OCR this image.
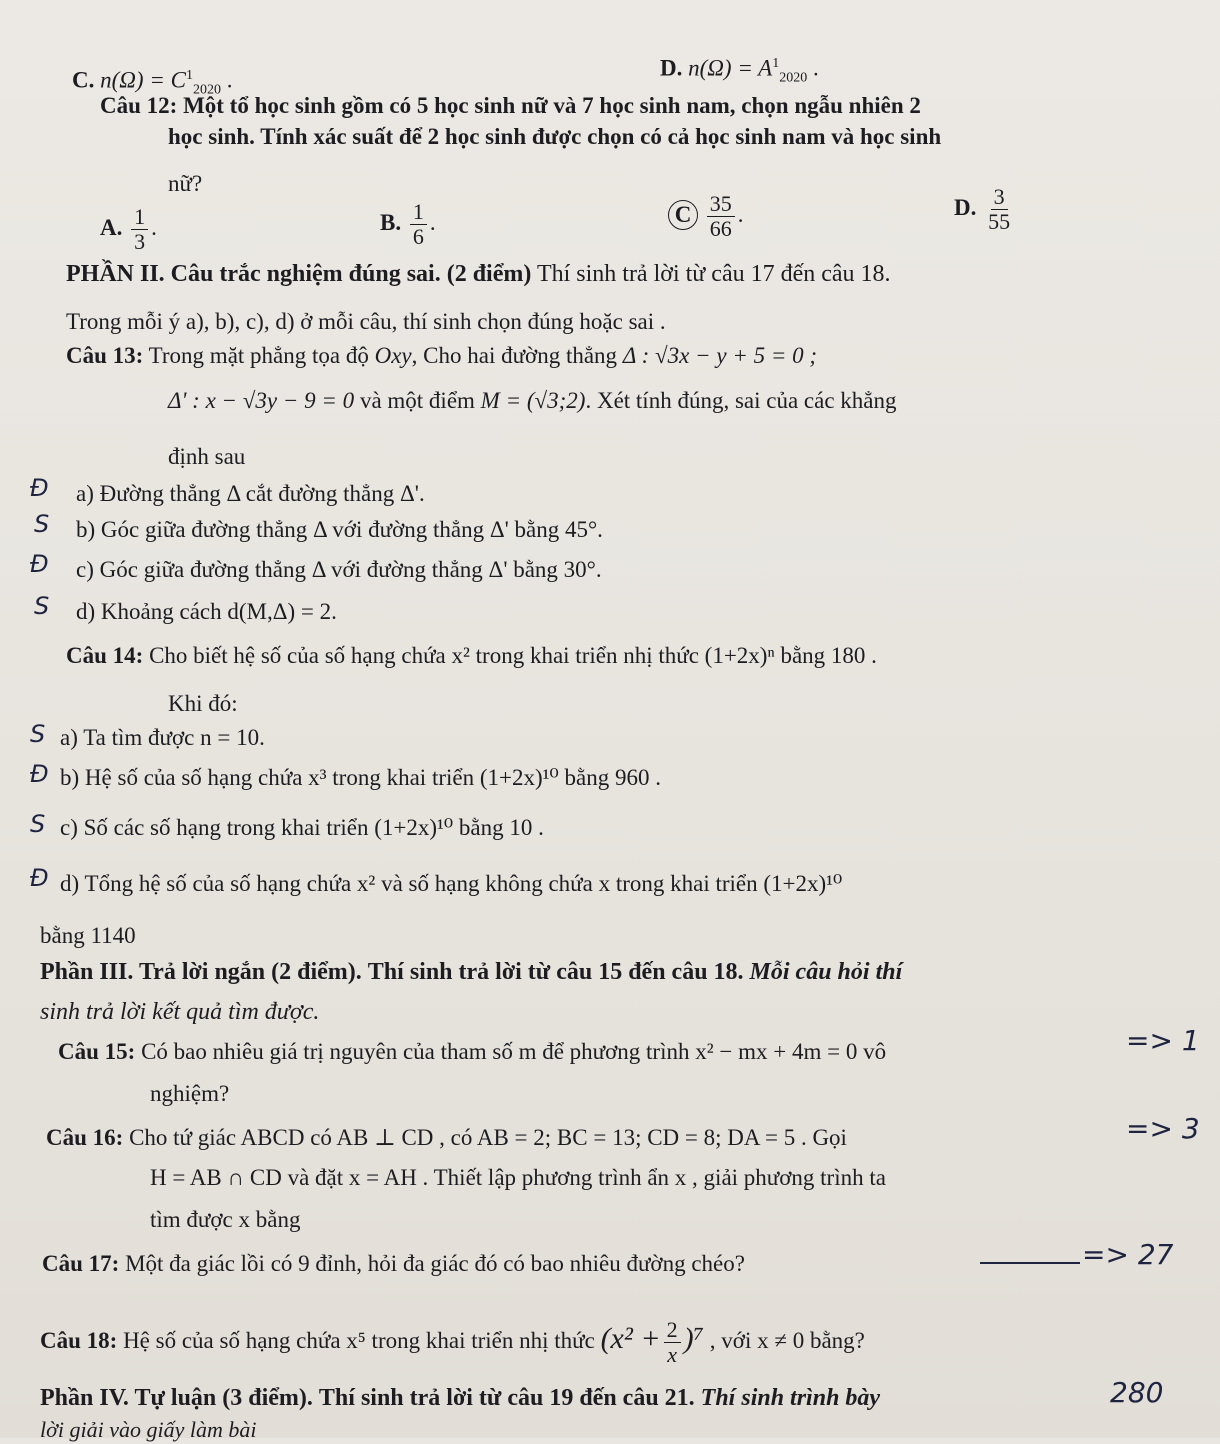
C. $n(\Omega) = C^1_{2020}$ .	D. $n(\Omega) = A^1_{2020}$ .
Câu 12: Một tổ học sinh gồm có 5 học sinh nữ và 7 học sinh nam, chọn ngẫu nhiên 2
học sinh. Tính xác suất để 2 học sinh được chọn có cả học sinh nam và học sinh
nữ?
A. $\frac{1}{3}$ .	B. $\frac{1}{6}$ .	C $\frac{35}{66}$ .	D. $\frac{3}{55}$
PHẦN II. Câu trắc nghiệm đúng sai. (2 điểm) Thí sinh trả lời từ câu 17 đến câu 18.
Trong mỗi ý a), b), c), d) ở mỗi câu, thí sinh chọn đúng hoặc sai .
Câu 13: Trong mặt phẳng tọa độ Oxy, Cho hai đường thẳng Δ : √3x − y + 5 = 0 ;
Δ' : x − √3y − 9 = 0 và một điểm M = (√3;2). Xét tính đúng, sai của các khẳng
định sau
a) Đường thẳng Δ cắt đường thẳng Δ'.
b) Góc giữa đường thẳng Δ với đường thẳng Δ' bằng 45°.
c) Góc giữa đường thẳng Δ với đường thẳng Δ' bằng 30°.
d) Khoảng cách d(M,Δ) = 2.
Đ
S
Đ
S
Câu 14: Cho biết hệ số của số hạng chứa x² trong khai triển nhị thức (1+2x)ⁿ bằng 180 .
Khi đó:
a) Ta tìm được n = 10.
b) Hệ số của số hạng chứa x³ trong khai triển (1+2x)¹⁰ bằng 960 .
c) Số các số hạng trong khai triển (1+2x)¹⁰ bằng 10 .
d) Tổng hệ số của số hạng chứa x² và số hạng không chứa x trong khai triển (1+2x)¹⁰
bằng 1140
S
Đ
S
Đ
Phần III. Trả lời ngắn (2 điểm). Thí sinh trả lời từ câu 15 đến câu 18. Mỗi câu hỏi thí
sinh trả lời kết quả tìm được.
Câu 15: Có bao nhiêu giá trị nguyên của tham số m để phương trình x² − mx + 4m = 0 vô
nghiệm?
=> 1
Câu 16: Cho tứ giác ABCD có AB ⊥ CD , có AB = 2; BC = 13; CD = 8; DA = 5 . Gọi
H = AB ∩ CD và đặt x = AH . Thiết lập phương trình ẩn x , giải phương trình ta
tìm được x bằng
=> 3
Câu 17: Một đa giác lồi có 9 đỉnh, hỏi đa giác đó có bao nhiêu đường chéo?	=> 27
Câu 18: Hệ số của số hạng chứa x⁵ trong khai triển nhị thức $(x^2 + \frac{2}{x} )^7$ , với x ≠ 0 bằng?
280
Phần IV. Tự luận (3 điểm). Thí sinh trả lời từ câu 19 đến câu 21. Thí sinh trình bày
lời giải vào giấy làm bài
